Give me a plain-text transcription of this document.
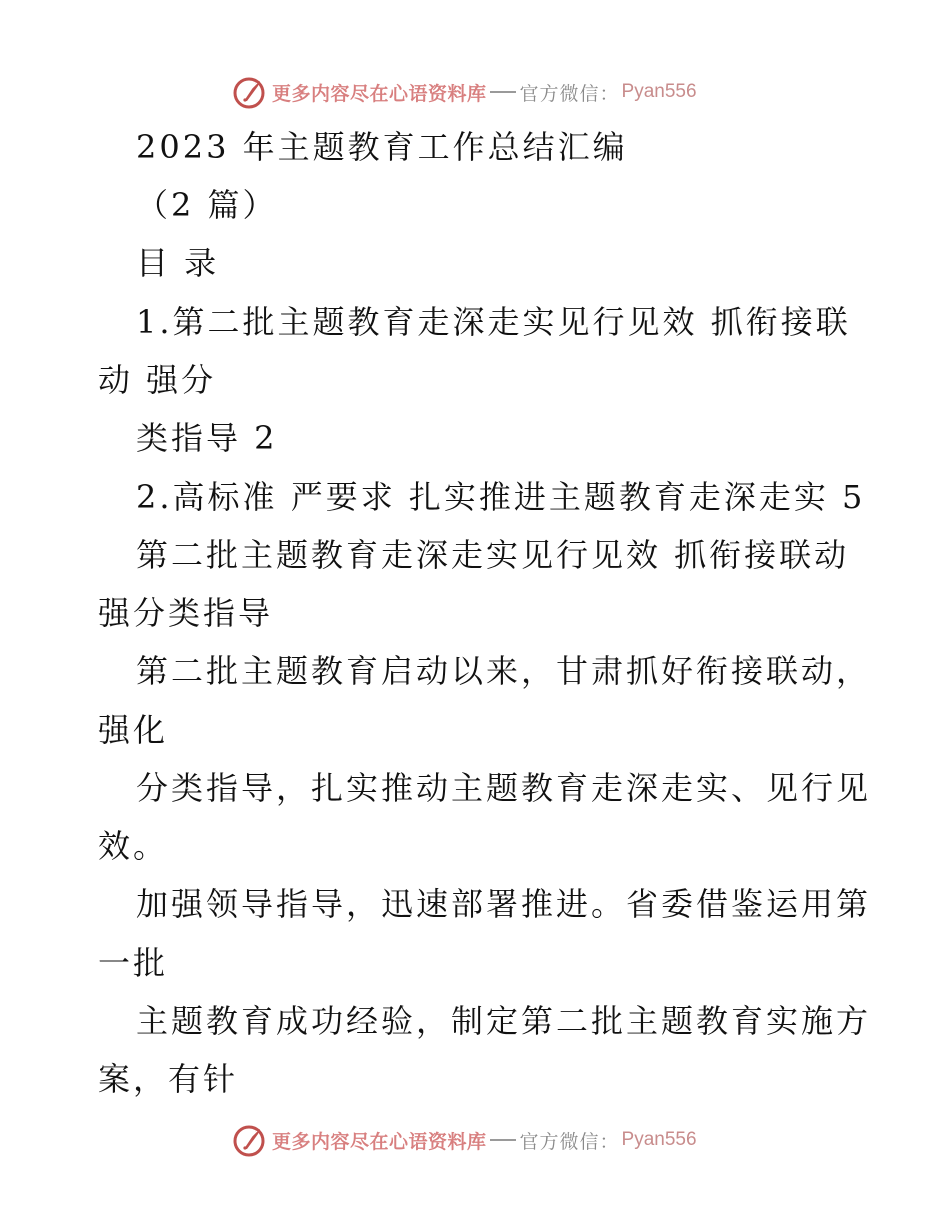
更多内容尽在心语资料库 官方微信： Pyan556

2023 年主题教育工作总结汇编

（2 篇）

目 录

1.第二批主题教育走深走实见行见效 抓衔接联

动 强分

类指导 2

2.高标准 严要求 扎实推进主题教育走深走实 5

第二批主题教育走深走实见行见效 抓衔接联动

强分类指导

第二批主题教育启动以来，甘肃抓好衔接联动，

强化

分类指导，扎实推动主题教育走深走实、见行见

效。

加强领导指导，迅速部署推进。省委借鉴运用第

一批

主题教育成功经验，制定第二批主题教育实施方

案，有针

更多内容尽在心语资料库 官方微信： Pyan556
